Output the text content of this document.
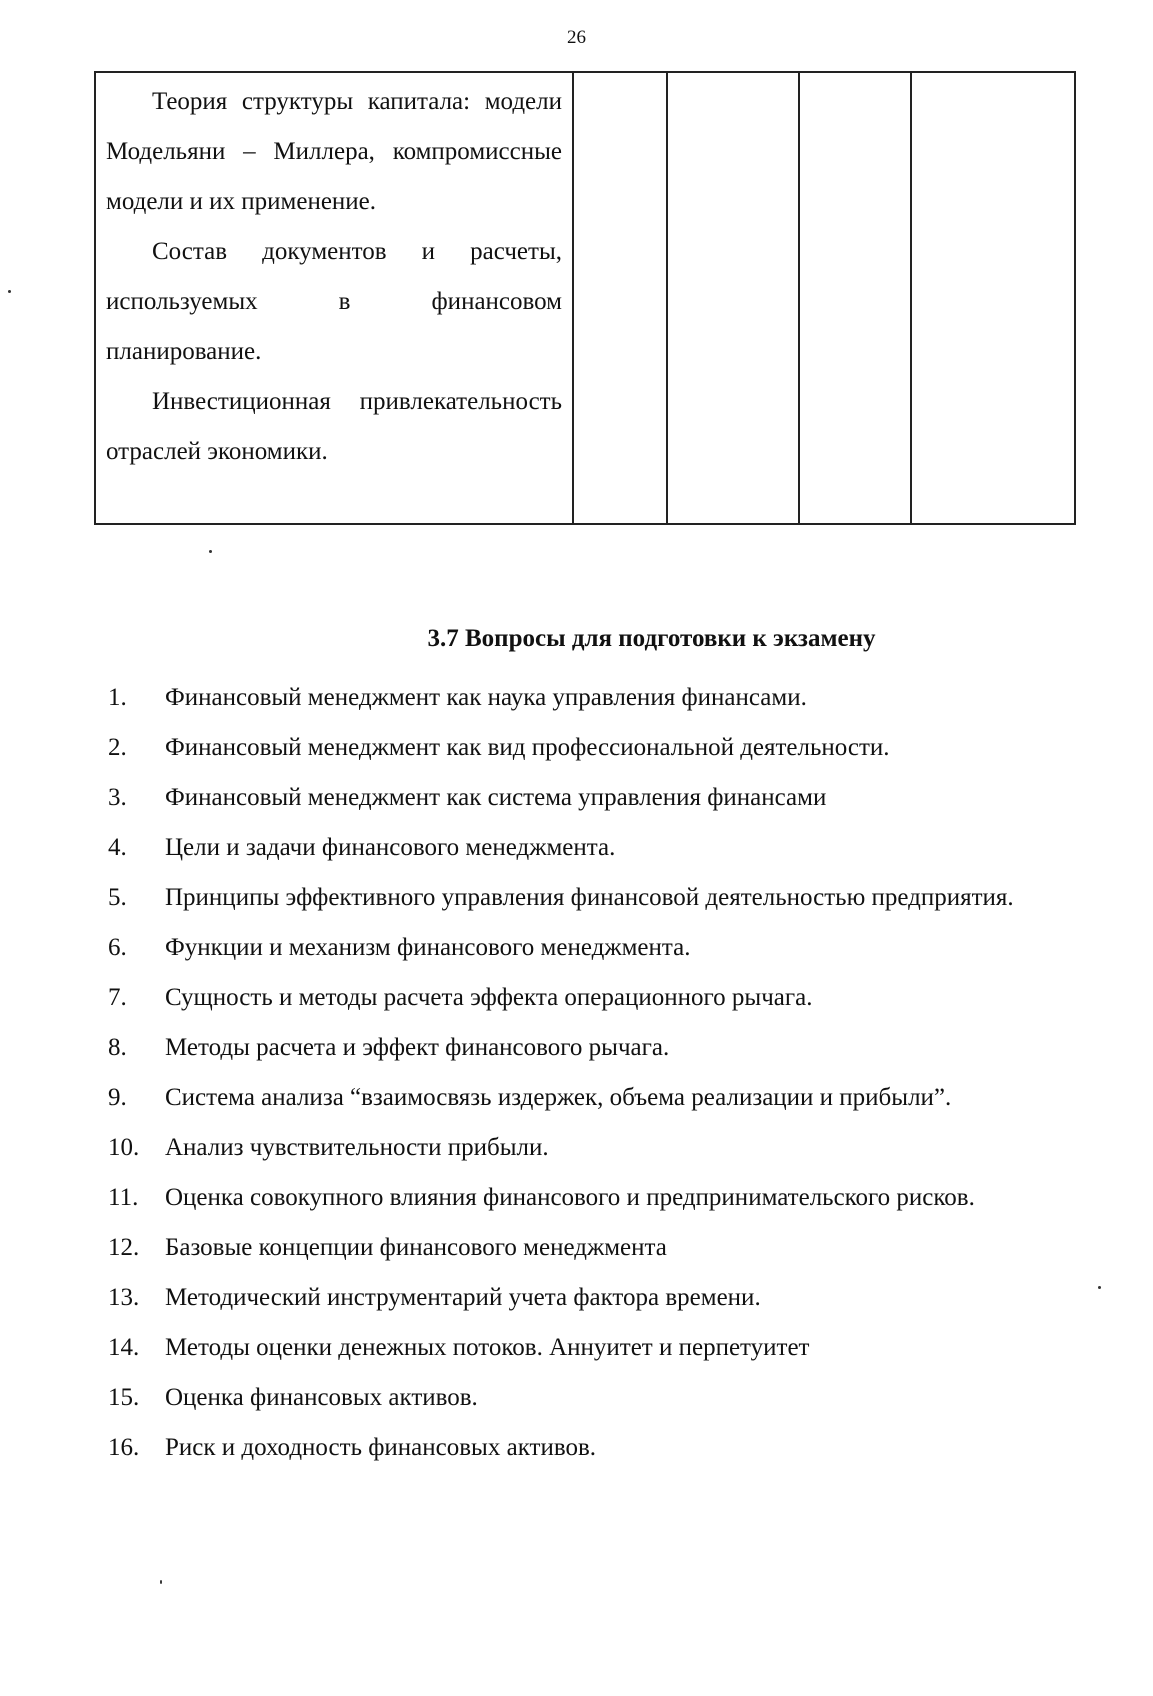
26

Теория структуры капитала: модели Модельяни – Миллера, компромиссные модели и их применение.

Состав документов и расчеты, используемых в финансовом планирование.

Инвестиционная привлекательность отраслей экономики.

3.7 Вопросы для подготовки к экзамену
1.	Финансовый менеджмент как наука управления финансами.
2.	Финансовый менеджмент как вид профессиональной деятельности.
3.	Финансовый менеджмент как система управления финансами
4.	Цели и задачи финансового менеджмента.
5.	Принципы эффективного управления финансовой деятельностью предприятия.
6.	Функции и механизм финансового менеджмента.
7.	Сущность и методы расчета эффекта операционного рычага.
8.	Методы расчета и эффект финансового рычага.
9.	Система анализа “взаимосвязь издержек, объема реализации и прибыли”.
10.	Анализ чувствительности прибыли.
11.	Оценка совокупного влияния финансового и предпринимательского рисков.
12.	Базовые концепции финансового менеджмента
13.	Методический инструментарий учета фактора времени.
14.	Методы оценки денежных потоков. Аннуитет и перпетуитет
15.	Оценка финансовых активов.
16.	Риск и доходность финансовых активов.
